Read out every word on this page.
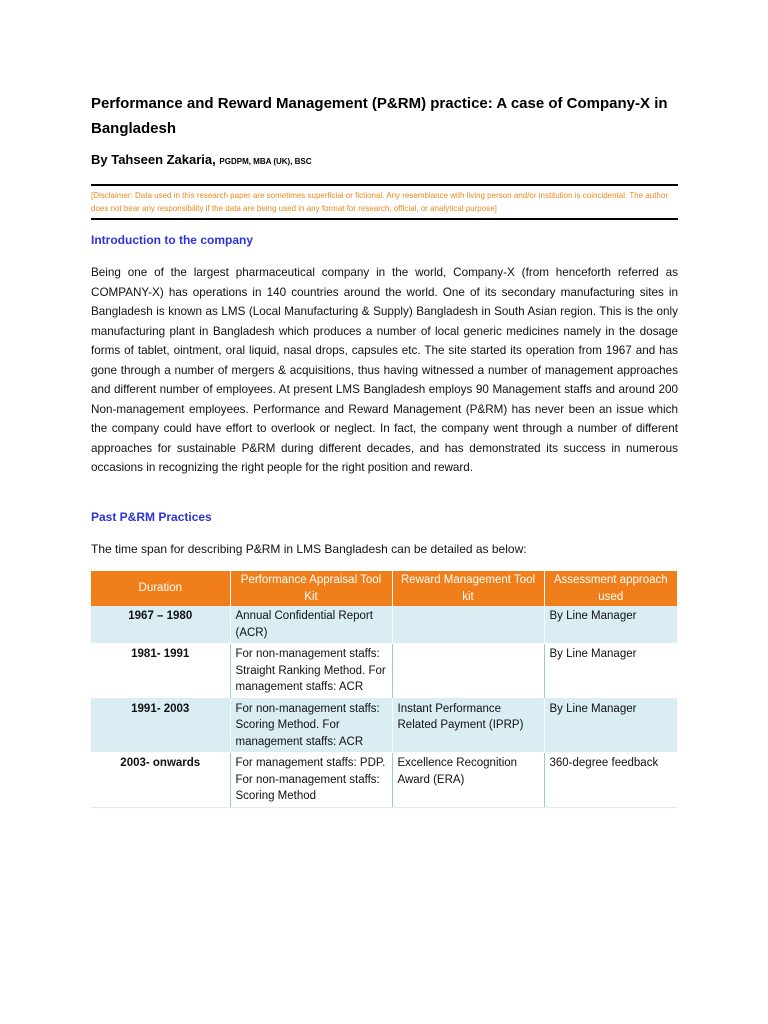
Performance and Reward Management (P&RM) practice: A case of Company-X in Bangladesh
By Tahseen Zakaria, PGDPM, MBA (UK), BSC
[Disclaimer: Data used in this research paper are sometimes superficial or fictional. Any resemblance with living person and/or institution is coincidental. The author does not bear any responsibility if the data are being used in any format for research, official, or analytical purpose]
Introduction to the company
Being one of the largest pharmaceutical company in the world, Company-X (from henceforth referred as COMPANY-X) has operations in 140 countries around the world. One of its secondary manufacturing sites in Bangladesh is known as LMS (Local Manufacturing & Supply) Bangladesh in South Asian region. This is the only manufacturing plant in Bangladesh which produces a number of local generic medicines namely in the dosage forms of tablet, ointment, oral liquid, nasal drops, capsules etc. The site started its operation from 1967 and has gone through a number of mergers & acquisitions, thus having witnessed a number of management approaches and different number of employees. At present LMS Bangladesh employs 90 Management staffs and around 200 Non-management employees. Performance and Reward Management (P&RM) has never been an issue which the company could have effort to overlook or neglect. In fact, the company went through a number of different approaches for sustainable P&RM during different decades, and has demonstrated its success in numerous occasions in recognizing the right people for the right position and reward.
Past P&RM Practices
The time span for describing P&RM in LMS Bangladesh can be detailed as below:
Duration	Performance Appraisal Tool Kit	Reward Management Tool kit	Assessment approach used
1967 – 1980	Annual Confidential Report (ACR)		By Line Manager
1981- 1991	For non-management staffs: Straight Ranking Method. For management staffs: ACR		By Line Manager
1991- 2003	For non-management staffs: Scoring Method. For management staffs: ACR	Instant Performance Related Payment (IPRP)	By Line Manager
2003- onwards	For management staffs: PDP. For non-management staffs: Scoring Method	Excellence Recognition Award (ERA)	360-degree feedback
